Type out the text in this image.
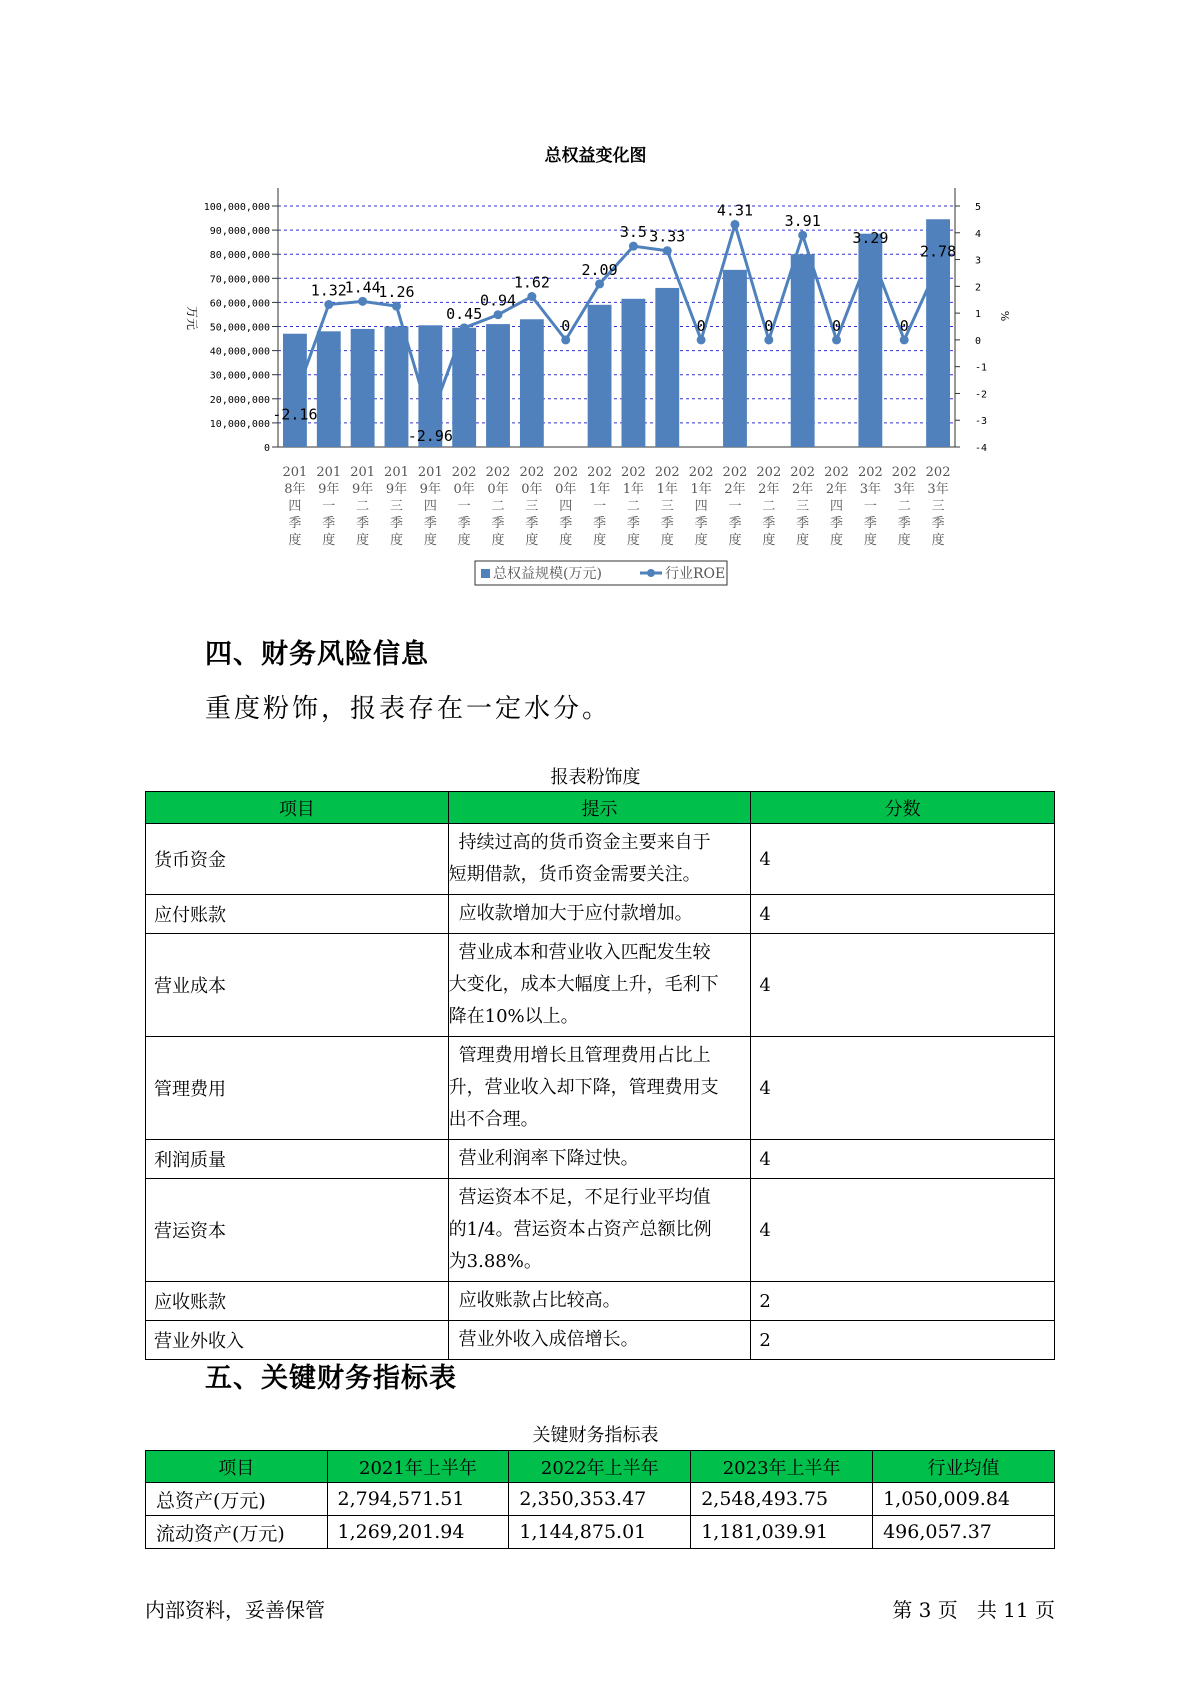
总权益变化图
0
10,000,000
20,000,000
30,000,000
40,000,000
50,000,000
60,000,000
70,000,000
80,000,000
90,000,000
100,000,000
-4
-3
-2
-1
0
1
2
3
4
5
万元	%
-2.16
1.32
1.44
1.26
-2.96
0.45
0.94
1.62
0
2.09
3.5 3.33
0
4.31
0
3.91
0
3.29
0
2.78
201 201 201 201 201 202 202 202 202 202 202 202 202 202 202 202 202 202 202 202
8年 9年 9年 9年 9年 0年 0年 0年 0年 1年 1年 1年 1年 2年 2年 2年 2年 3年 3年 3年
四 一 二 三 四 一 二 三 四 一 二 三 四 一 二 三 四 一 二 三
季 季 季 季 季 季 季 季 季 季 季 季 季 季 季 季 季 季 季 季
度 度 度 度 度 度 度 度 度 度 度 度 度 度 度 度 度 度 度 度
总权益规模(万元)	行业ROE
四、财务风险信息
重度粉饰，报表存在一定水分。
报表粉饰度
项目	提示	分数
货币资金	持续过高的货币资金主要来自于
短期借款，货币资金需要关注。	4
应付账款	应收款增加大于应付款增加。	4
营业成本	营业成本和营业收入匹配发生较
大变化，成本大幅度上升，毛利下
降在10%以上。	4
管理费用	管理费用增长且管理费用占比上
升，营业收入却下降，管理费用支
出不合理。	4
利润质量	营业利润率下降过快。	4
营运资本	营运资本不足，不足行业平均值
的1/4。营运资本占资产总额比例
为3.88%。	4
应收账款	应收账款占比较高。	2
营业外收入	营业外收入成倍增长。	2
五、关键财务指标表
关键财务指标表
项目	2021年上半年	2022年上半年	2023年上半年	行业均值
总资产(万元)	2,794,571.51	2,350,353.47	2,548,493.75	1,050,009.84
流动资产(万元)	1,269,201.94	1,144,875.01	1,181,039.91	496,057.37
内部资料，妥善保管	第 3 页   共 11 页
